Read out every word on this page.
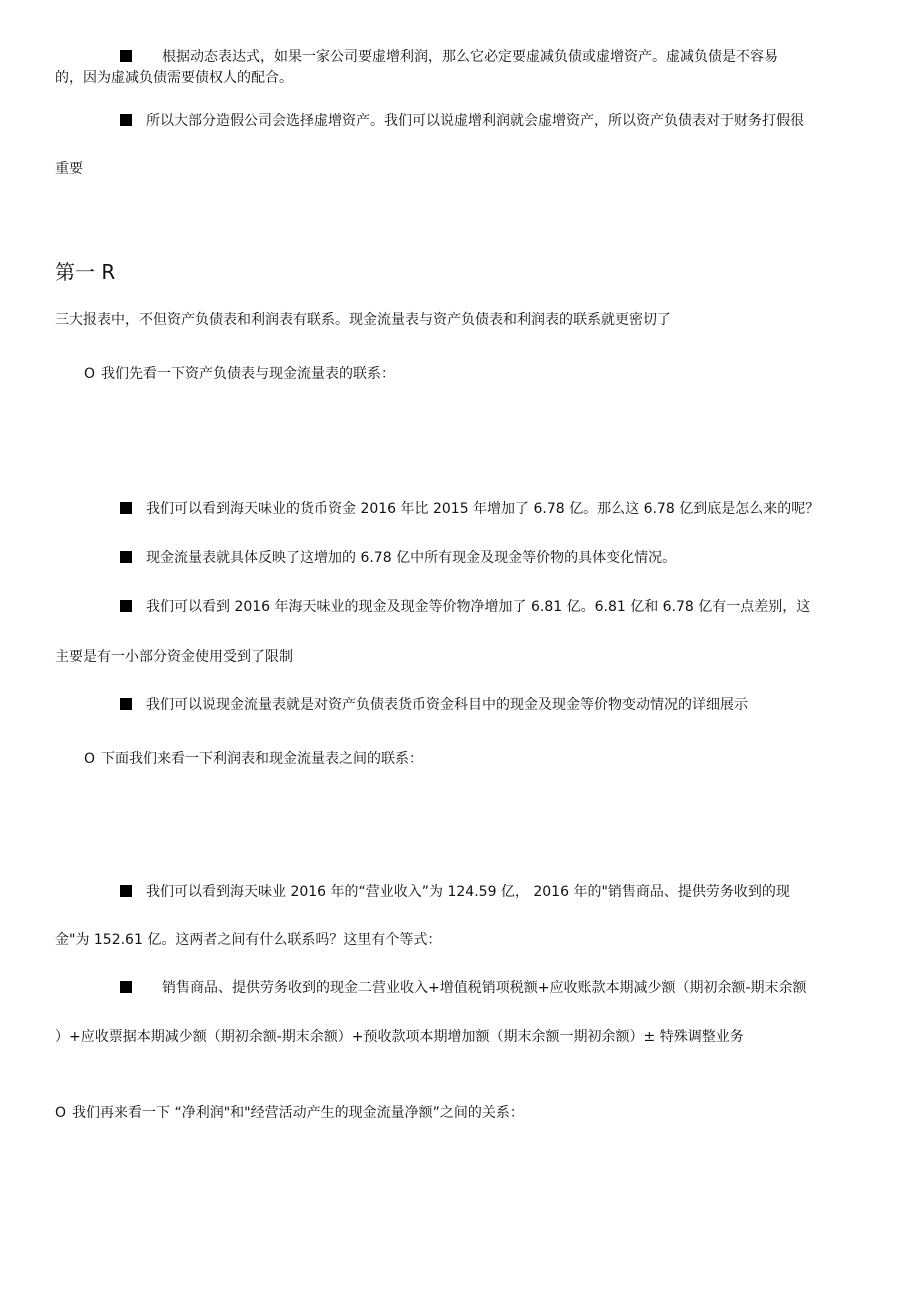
根据动态表达式，如果一家公司要虚增利润，那么它必定要虚减负债或虚增资产。虚减负债是不容易
的，因为虚减负债需要债权人的配合。
所以大部分造假公司会选择虚增资产。我们可以说虚增利润就会虚增资产，所以资产负债表对于财务打假很
重要
第一 R
三大报表中，不但资产负债表和利润表有联系。现金流量表与资产负债表和利润表的联系就更密切了
O 我们先看一下资产负债表与现金流量表的联系：
我们可以看到海天味业的货币资金 2016 年比 2015 年增加了 6.78 亿。那么这 6.78 亿到底是怎么来的呢？
现金流量表就具体反映了这增加的 6.78 亿中所有现金及现金等价物的具体变化情况。
我们可以看到 2016 年海天味业的现金及现金等价物净增加了 6.81 亿。6.81 亿和 6.78 亿有一点差别，这
主要是有一小部分资金使用受到了限制
我们可以说现金流量表就是对资产负债表货币资金科目中的现金及现金等价物变动情况的详细展示
O 下面我们来看一下利润表和现金流量表之间的联系：
我们可以看到海天味业 2016 年的“营业收入”为 124.59 亿， 2016 年的"销售商品、提供劳务收到的现
金"为 152.61 亿。这两者之间有什么联系吗？这里有个等式：
销售商品、提供劳务收到的现金二营业收入+增值税销项税额+应收账款本期减少额（期初余额-期末余额
）+应收票据本期减少额（期初余额-期末余额）+预收款项本期增加额（期末余额一期初余额）± 特殊调整业务
O 我们再来看一下 “净利润"和"经营活动产生的现金流量净额”之间的关系：
